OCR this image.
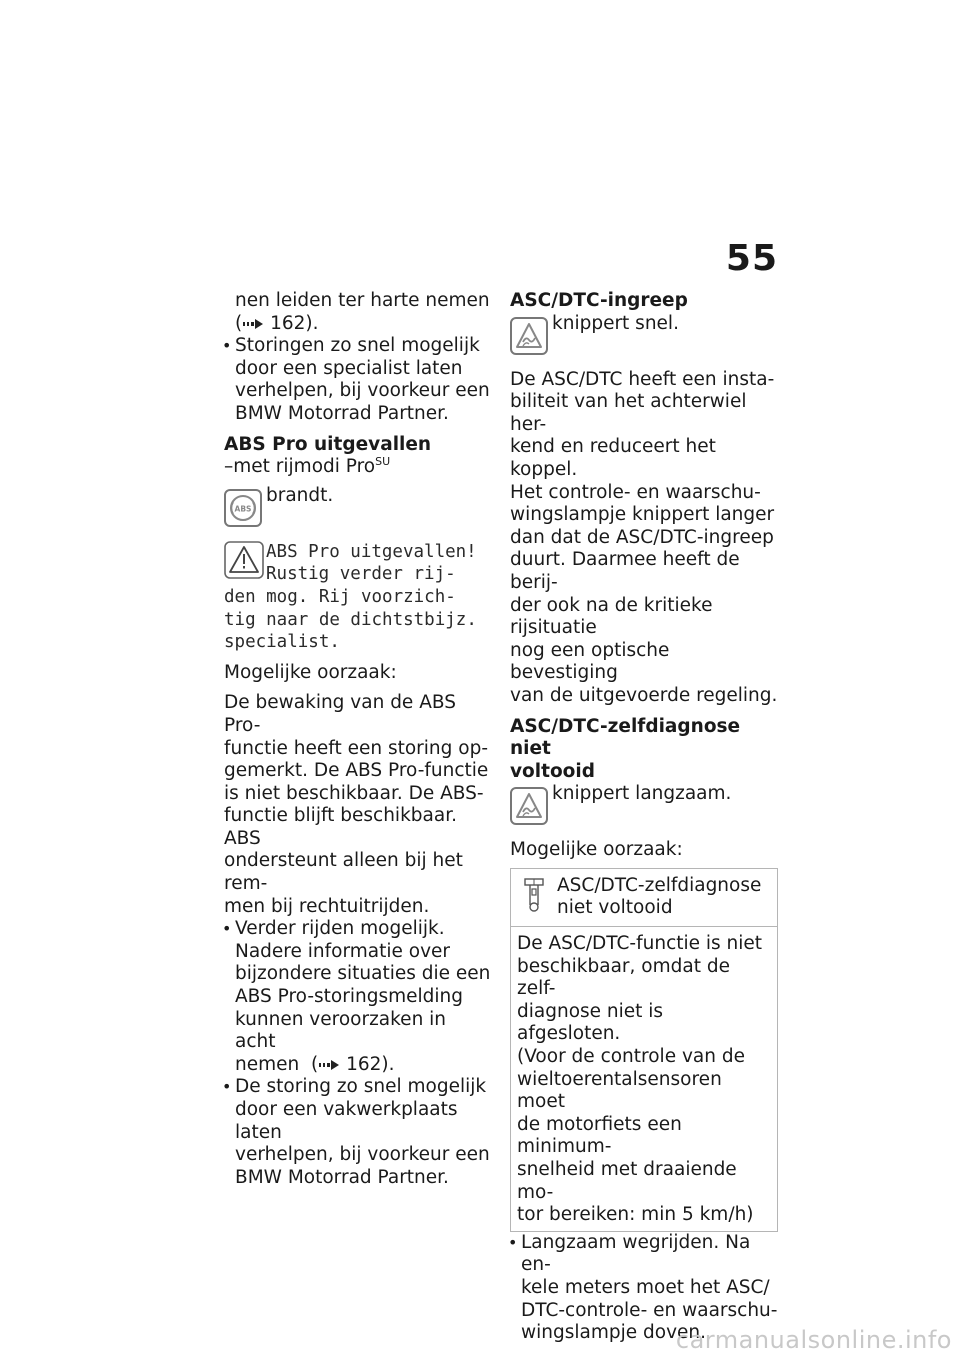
55

nen leiden ter harte nemen

( 162).

• Storingen zo snel mogelijk
door een specialist laten
verhelpen, bij voorkeur een
BMW Motorrad Partner.

ABS Pro uitgevallen

–met rijmodi Pro$^{SU}$

ABS
brandt.
ABS Pro uitgevallen!
Rustig verder rij-
den mog. Rij voorzich-
tig naar de dichtstbijz.
specialist.

Mogelijke oorzaak:

De bewaking van de ABS Pro-
functie heeft een storing op-
gemerkt. De ABS Pro-functie
is niet beschikbaar. De ABS-
functie blijft beschikbaar. ABS
ondersteunt alleen bij het rem-
men bij rechtuitrijden.
• Verder rijden mogelijk.
Nadere informatie over
bijzondere situaties die een
ABS Pro-storingsmelding
kunnen veroorzaken in acht
nemen  ( 162).
• De storing zo snel mogelijk
door een vakwerkplaats laten
verhelpen, bij voorkeur een
BMW Motorrad Partner.

ASC/DTC-ingreep

knippert snel.
De ASC/DTC heeft een insta-
biliteit van het achterwiel her-
kend en reduceert het koppel.
Het controle- en waarschu-
wingslampje knippert langer
dan dat de ASC/DTC-ingreep
duurt. Daarmee heeft de berij-
der ook na de kritieke rijsituatie
nog een optische bevestiging
van de uitgevoerde regeling.
ASC/DTC-zelfdiagnose niet
voltooid
knippert langzaam.

Mogelijke oorzaak:

ASC/DTC-zelfdiagnose
niet voltooid
De ASC/DTC-functie is niet
beschikbaar, omdat de zelf-
diagnose niet is afgesloten.
(Voor de controle van de
wieltoerentalsensoren moet
de motorfiets een minimum-
snelheid met draaiende mo-
tor bereiken: min 5 km/h)
• Langzaam wegrijden. Na en-
kele meters moet het ASC/
DTC-controle- en waarschu-
wingslampje doven.
carmanualsonline.info
